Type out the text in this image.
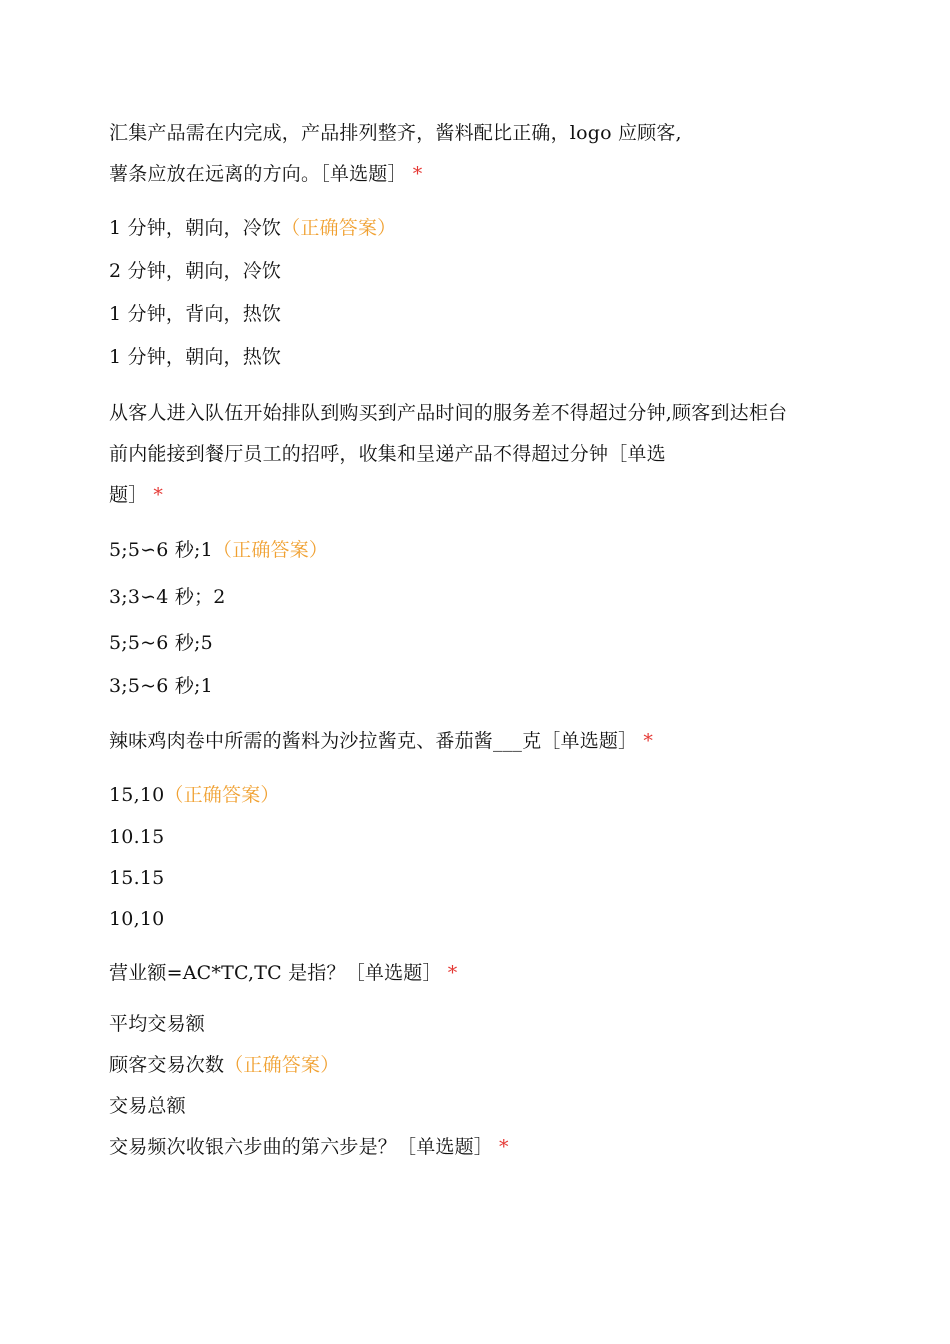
汇集产品需在内完成，产品排列整齐，酱料配比正确，logo 应顾客,
薯条应放在远离的方向。［单选题］ *
1 分钟，朝向，冷饮（正确答案）
2 分钟，朝向，冷饮
1 分钟，背向，热饮
1 分钟，朝向，热饮
从客人进入队伍开始排队到购买到产品时间的服务差不得超过分钟,顾客到达柜台
前内能接到餐厅员工的招呼，收集和呈递产品不得超过分钟［单选
题］ *
5;5∽6 秒;1（正确答案）
3;3∽4 秒；2
5;5~6 秒;5
3;5~6 秒;1
辣味鸡肉卷中所需的酱料为沙拉酱克、番茄酱___克［单选题］ *
15,10（正确答案）
10.15
15.15
10,10
营业额=AC*TC,TC 是指？［单选题］ *
平均交易额
顾客交易次数（正确答案）
交易总额
交易频次收银六步曲的第六步是？［单选题］ *
